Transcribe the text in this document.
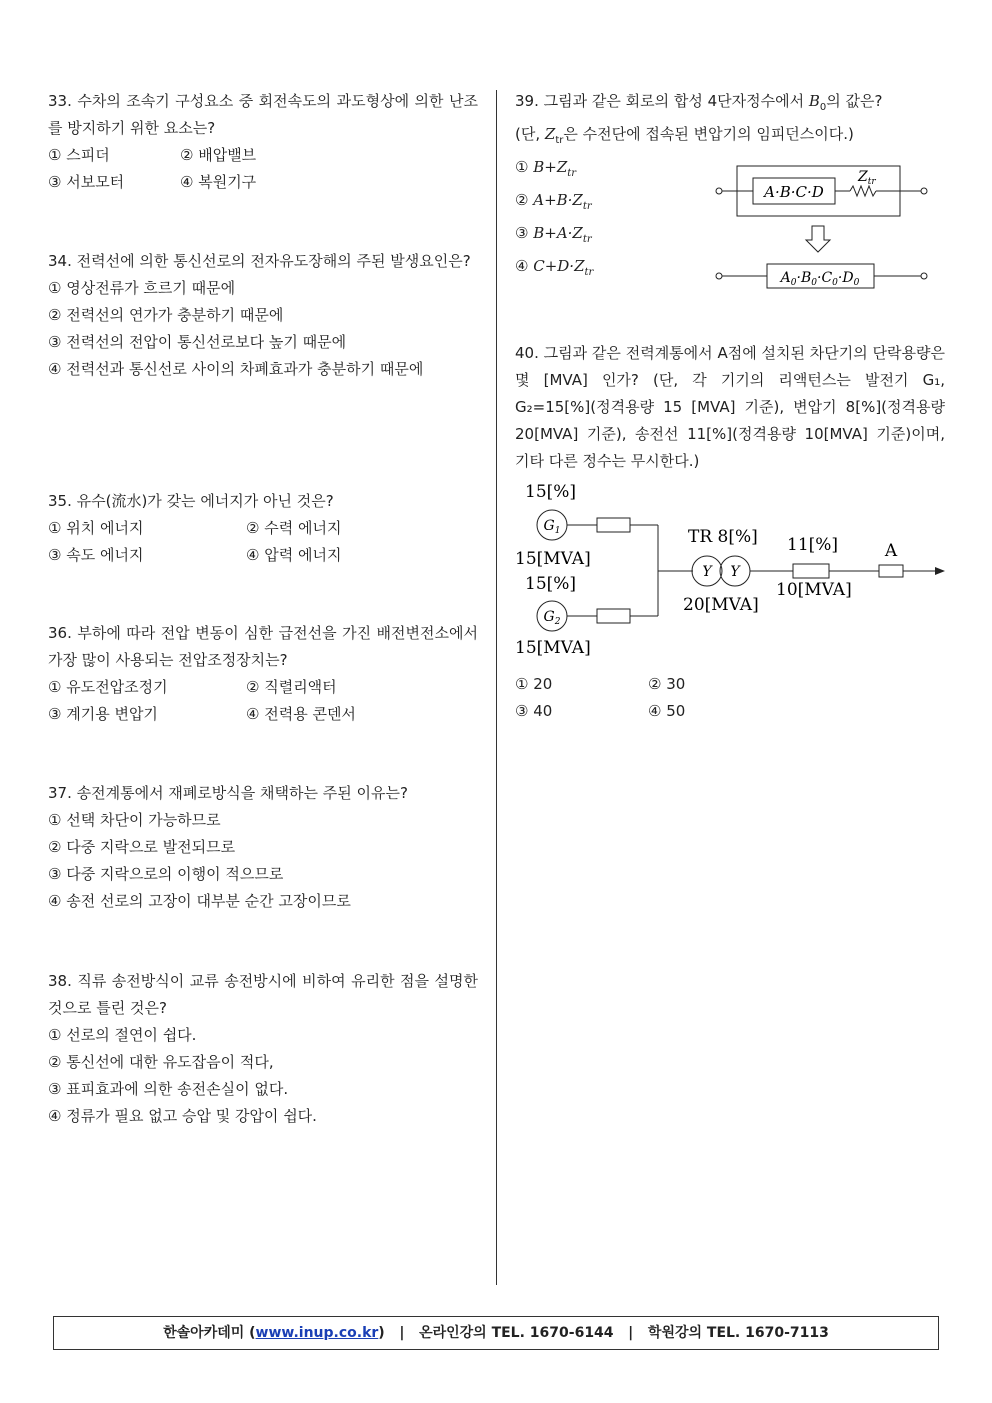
33. 수차의 조속기 구성요소 중 회전속도의 과도형상에 의한 난조를 방지하기 위한 요소는?
① 스피더	② 배압밸브
③ 서보모터	④ 복원기구
34. 전력선에 의한 통신선로의 전자유도장해의 주된 발생요인은?
① 영상전류가 흐르기 때문에
② 전력선의 연가가 충분하기 때문에
③ 전력선의 전압이 통신선로보다 높기 때문에
④ 전력선과 통신선로 사이의 차폐효과가 충분하기 때문에
35. 유수(流水)가 갖는 에너지가 아닌 것은?
① 위치 에너지	② 수력 에너지
③ 속도 에너지	④ 압력 에너지
36. 부하에 따라 전압 변동이 심한 급전선을 가진 배전변전소에서 가장 많이 사용되는 전압조정장치는?
① 유도전압조정기	② 직렬리액터
③ 계기용 변압기	④ 전력용 콘덴서
37. 송전계통에서 재폐로방식을 채택하는 주된 이유는?
① 선택 차단이 가능하므로
② 다중 지락으로 발전되므로
③ 다중 지락으로의 이행이 적으므로
④ 송전 선로의 고장이 대부분 순간 고장이므로
38. 직류 송전방식이 교류 송전방시에 비하여 유리한 점을 설명한 것으로 틀린 것은?
① 선로의 절연이 쉽다.
② 통신선에 대한 유도잡음이 적다,
③ 표피효과에 의한 송전손실이 없다.
④ 정류가 필요 없고 승압 및 강압이 쉽다.
39. 그림과 같은 회로의 합성 4단자정수에서 $B_0$의 값은?
(단, $Z_{tr}$은 수전단에 접속된 변압기의 임피던스이다.)
① $B+Z_{tr}$
② $A+B\cdot Z_{tr}$
③ $B+A\cdot Z_{tr}$
④ $C+D\cdot Z_{tr}$
A·B·C·D
$Z_{tr}$
$A_0\cdot B_0\cdot C_0\cdot D_0$
40. 그림과 같은 전력계통에서 A점에 설치된 차단기의 단락용량은 몇 [MVA] 인가? (단, 각 기기의 리액턴스는 발전기 G₁, G₂=15[%](정격용량 15 [MVA] 기준), 변압기 8[%](정격용량 20[MVA] 기준), 송전선 11[%](정격용량 10[MVA] 기준)이며, 기타 다른 정수는 무시한다.)
15[%]
$G_1$
15[MVA]
15[%]
$G_2$
15[MVA]
TR 8[%]
Y Y
20[MVA]
11[%]
10[MVA]
A
① 20	② 30
③ 40	④ 50
한솔아카데미 (www.inup.co.kr) | 온라인강의 TEL. 1670-6144 | 학원강의 TEL. 1670-7113
